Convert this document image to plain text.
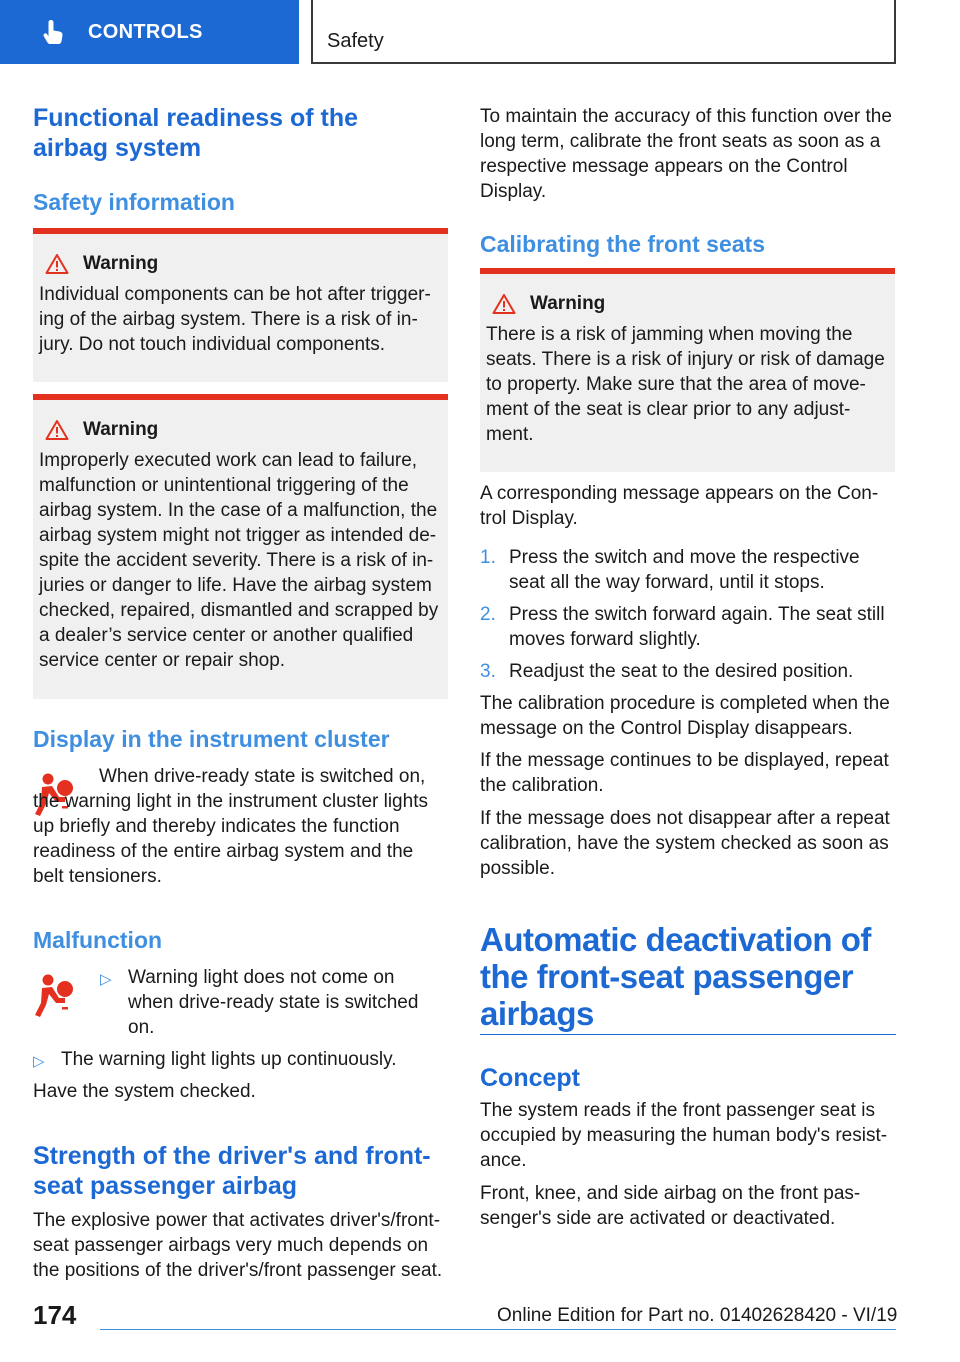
CONTROLS	Safety
Functional readiness of the airbag system
Safety information
Warning
Individual components can be hot after triggering of the airbag system. There is a risk of injury. Do not touch individual components.
Warning
Improperly executed work can lead to failure, malfunction or unintentional triggering of the airbag system. In the case of a malfunction, the airbag system might not trigger as intended despite the accident severity. There is a risk of injuries or danger to life. Have the airbag system checked, repaired, dismantled and scrapped by a dealer’s service center or another qualified service center or repair shop.
Display in the instrument cluster
When drive-ready state is switched on, the warning light in the instrument cluster lights up briefly and thereby indicates the function readiness of the entire airbag system and the belt tensioners.
Malfunction
▷ Warning light does not come on when drive-ready state is switched on.
▷ The warning light lights up continuously.
Have the system checked.
Strength of the driver's and front-seat passenger airbag
The explosive power that activates driver's/front-seat passenger airbags very much depends on the positions of the driver's/front passenger seat.
To maintain the accuracy of this function over the long term, calibrate the front seats as soon as a respective message appears on the Control Display.
Calibrating the front seats
Warning
There is a risk of jamming when moving the seats. There is a risk of injury or risk of damage to property. Make sure that the area of movement of the seat is clear prior to any adjustment.
A corresponding message appears on the Control Display.
1. Press the switch and move the respective seat all the way forward, until it stops.
2. Press the switch forward again. The seat still moves forward slightly.
3. Readjust the seat to the desired position.
The calibration procedure is completed when the message on the Control Display disappears.
If the message continues to be displayed, repeat the calibration.
If the message does not disappear after a repeat calibration, have the system checked as soon as possible.
Automatic deactivation of the front-seat passenger airbags
Concept
The system reads if the front passenger seat is occupied by measuring the human body's resistance.
Front, knee, and side airbag on the front passenger's side are activated or deactivated.
174	Online Edition for Part no. 01402628420 - VI/19
